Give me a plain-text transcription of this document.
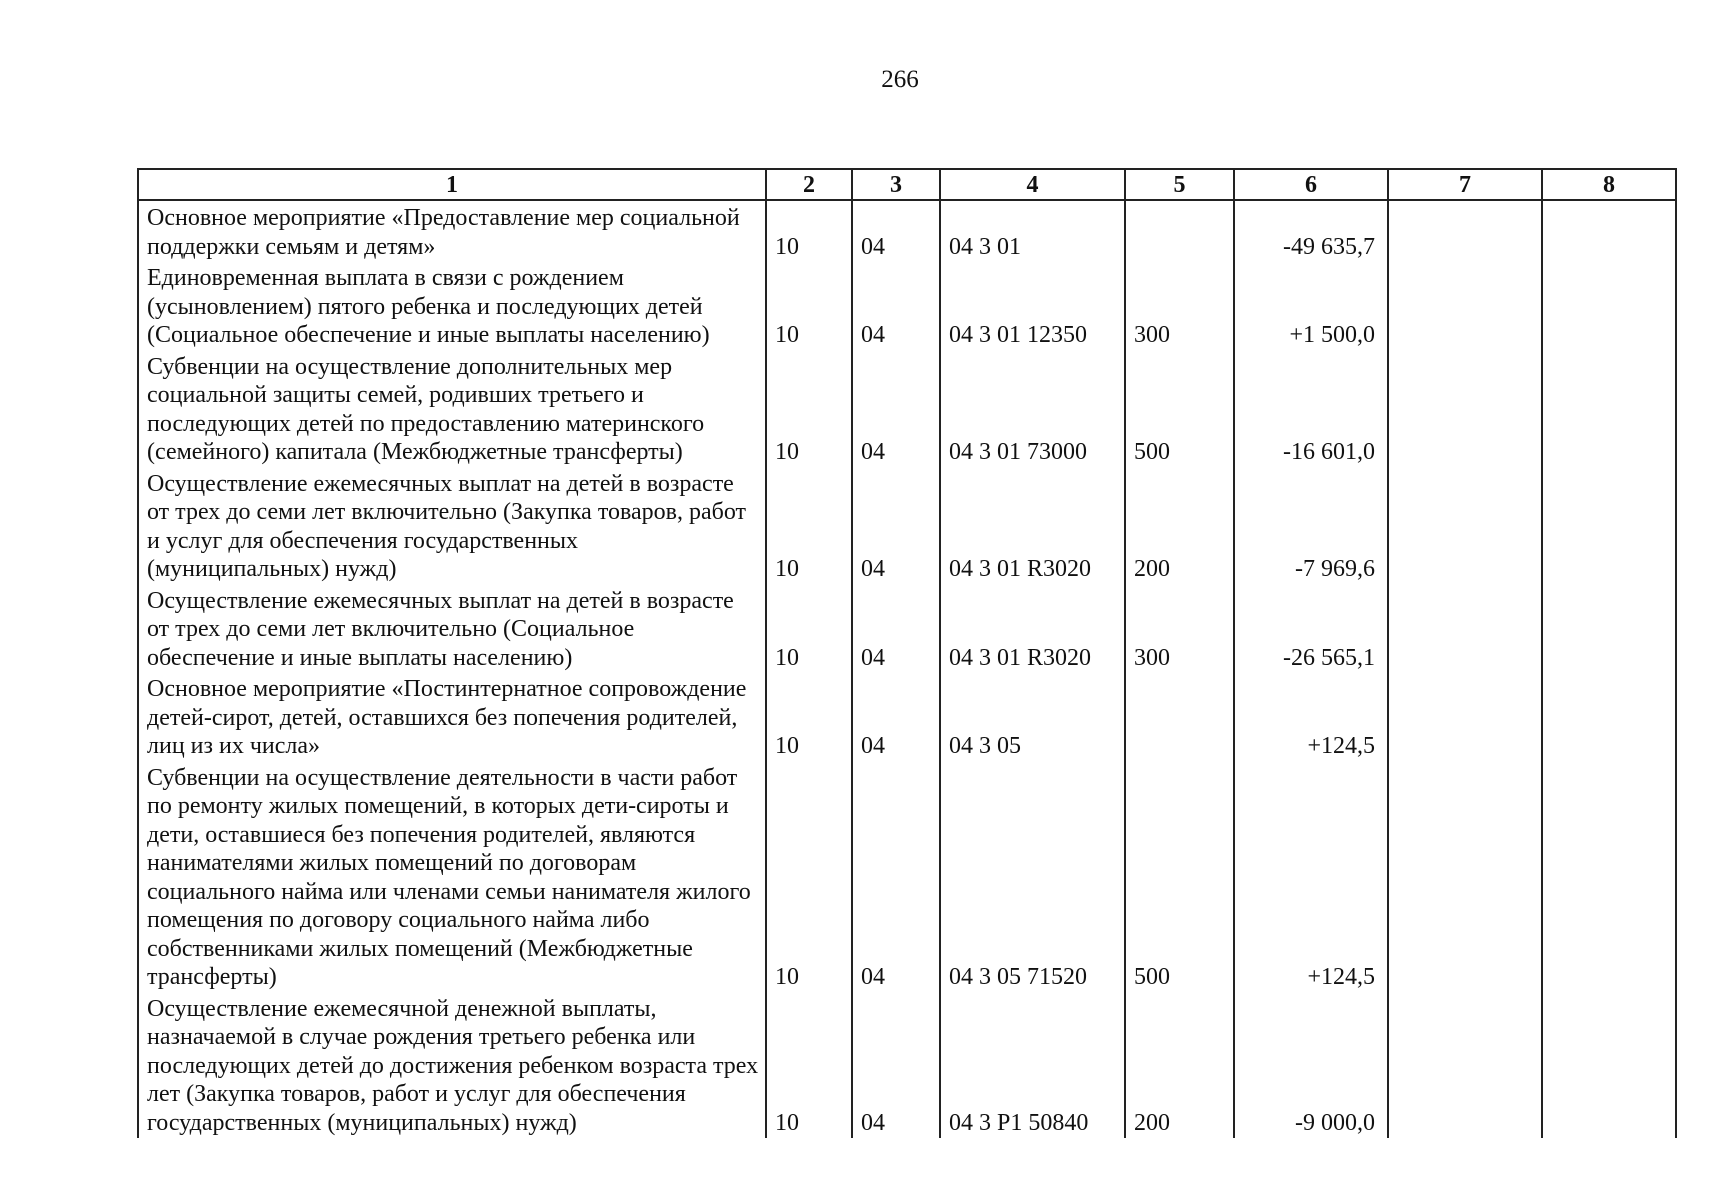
266
1	2	3	4	5	6	7	8
Основное мероприятие «Предоставление мер социальной поддержки семьям и детям»	10	04	04 3 01		-49 635,7		
Единовременная выплата в связи с рождением (усыновлением) пятого ребенка и последующих детей (Социальное обеспечение и иные выплаты населению)	10	04	04 3 01 12350	300	+1 500,0		
Субвенции на осуществление дополнительных мер социальной защиты семей, родивших третьего и последующих детей по предоставлению материнского (семейного) капитала (Межбюджетные трансферты)	10	04	04 3 01 73000	500	-16 601,0		
Осуществление ежемесячных выплат на детей в возрасте от трех до семи лет включительно (Закупка товаров, работ и услуг для обеспечения государственных (муниципальных) нужд)	10	04	04 3 01 R3020	200	-7 969,6		
Осуществление ежемесячных выплат на детей в возрасте от трех до семи лет включительно (Социальное обеспечение и иные выплаты населению)	10	04	04 3 01 R3020	300	-26 565,1		
Основное мероприятие «Постинтернатное сопровождение детей-сирот, детей, оставшихся без попечения родителей, лиц из их числа»	10	04	04 3 05		+124,5		
Субвенции на осуществление деятельности в части работ по ремонту жилых помещений, в которых дети-сироты и дети, оставшиеся без попечения родителей, являются нанимателями жилых помещений по договорам социального найма или членами семьи нанимателя жилого помещения по договору социального найма либо собственниками жилых помещений (Межбюджетные трансферты)	10	04	04 3 05 71520	500	+124,5		
Осуществление ежемесячной денежной выплаты, назначаемой в случае рождения третьего ребенка или последующих детей до достижения ребенком возраста трех лет (Закупка товаров, работ и услуг для обеспечения государственных (муниципальных) нужд)	10	04	04 3 P1 50840	200	-9 000,0		
